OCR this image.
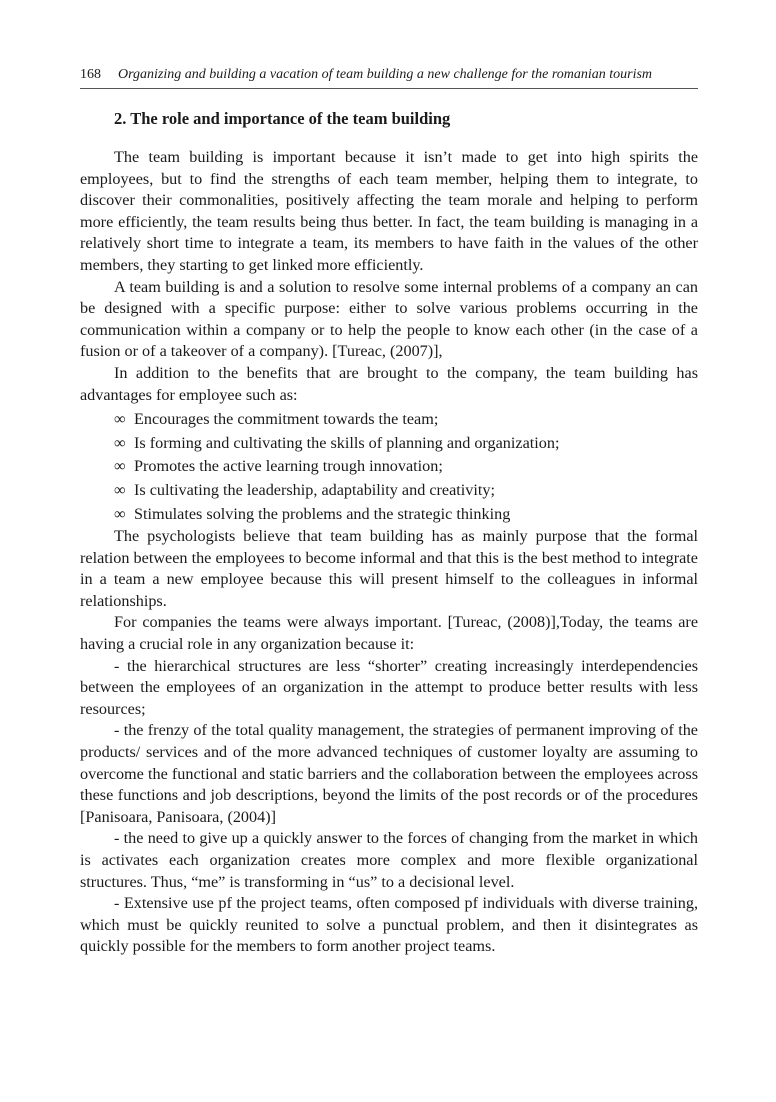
168 Organizing and building a vacation of team building a new challenge for the romanian tourism
2. The role and importance of the team building

The team building is important because it isn’t made to get into high spirits the employees, but to find the strengths of each team member, helping them to integrate, to discover their commonalities, positively affecting the team morale and helping to perform more efficiently, the team results being thus better. In fact, the team building is managing in a relatively short time to integrate a team, its members to have faith in the values of the other members, they starting to get linked more efficiently.

A team building is and a solution to resolve some internal problems of a company an can be designed with a specific purpose: either to solve various problems occurring in the communication within a company or to help the people to know each other (in the case of a fusion or of a takeover of a company). [Tureac, (2007)],

In addition to the benefits that are brought to the company, the team building has advantages for employee such as:

∞ Encourages the commitment towards the team;
∞ Is forming and cultivating the skills of planning and organization;
∞ Promotes the active learning trough innovation;
∞ Is cultivating the leadership, adaptability and creativity;
∞ Stimulates solving the problems and the strategic thinking

The psychologists believe that team building has as mainly purpose that the formal relation between the employees to become informal and that this is the best method to integrate in a team a new employee because this will present himself to the colleagues in informal relationships.

For companies the teams were always important. [Tureac, (2008)],Today, the teams are having a crucial role in any organization because it:

- the hierarchical structures are less “shorter” creating increasingly interdependencies between the employees of an organization in the attempt to produce better results with less resources;

- the frenzy of the total quality management, the strategies of permanent improving of the products/ services and of the more advanced techniques of customer loyalty are assuming to overcome the functional and static barriers and the collaboration between the employees across these functions and job descriptions, beyond the limits of the post records or of the procedures [Panisoara, Panisoara, (2004)]

- the need to give up a quickly answer to the forces of changing from the market in which is activates each organization creates more complex and more flexible organizational structures. Thus, “me” is transforming in “us” to a decisional level.

- Extensive use pf the project teams, often composed pf individuals with diverse training, which must be quickly reunited to solve a punctual problem, and then it disintegrates as quickly possible for the members to form another project teams.
